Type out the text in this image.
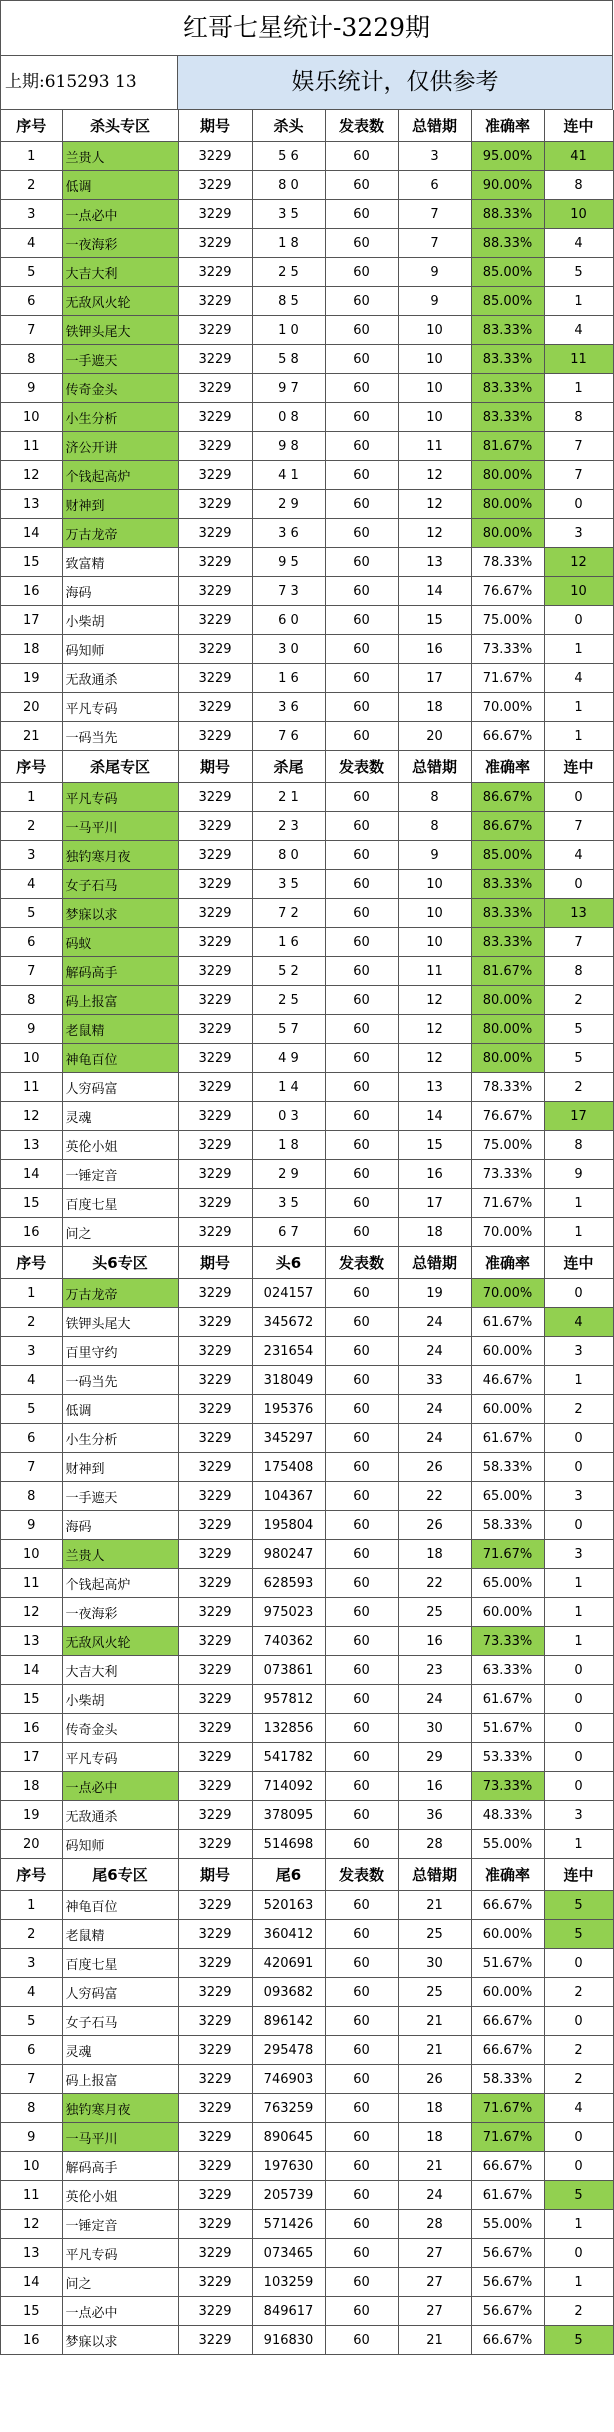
红哥七星统计-3229期
上期:615293 13	娱乐统计，仅供参考
序号	杀头专区	期号	杀头	发表数	总错期	准确率	连中
1	兰贵人	3229	5 6	60	3	95.00%	41
2	低调	3229	8 0	60	6	90.00%	8
3	一点必中	3229	3 5	60	7	88.33%	10
4	一夜海彩	3229	1 8	60	7	88.33%	4
5	大吉大利	3229	2 5	60	9	85.00%	5
6	无敌风火轮	3229	8 5	60	9	85.00%	1
7	铁钾头尾大	3229	1 0	60	10	83.33%	4
8	一手遮天	3229	5 8	60	10	83.33%	11
9	传奇金头	3229	9 7	60	10	83.33%	1
10	小生分析	3229	0 8	60	10	83.33%	8
11	济公开讲	3229	9 8	60	11	81.67%	7
12	个钱起高炉	3229	4 1	60	12	80.00%	7
13	财神到	3229	2 9	60	12	80.00%	0
14	万古龙帝	3229	3 6	60	12	80.00%	3
15	致富精	3229	9 5	60	13	78.33%	12
16	海码	3229	7 3	60	14	76.67%	10
17	小柴胡	3229	6 0	60	15	75.00%	0
18	码知师	3229	3 0	60	16	73.33%	1
19	无敌通杀	3229	1 6	60	17	71.67%	4
20	平凡专码	3229	3 6	60	18	70.00%	1
21	一码当先	3229	7 6	60	20	66.67%	1
序号	杀尾专区	期号	杀尾	发表数	总错期	准确率	连中
1	平凡专码	3229	2 1	60	8	86.67%	0
2	一马平川	3229	2 3	60	8	86.67%	7
3	独钓寒月夜	3229	8 0	60	9	85.00%	4
4	女子石马	3229	3 5	60	10	83.33%	0
5	梦寐以求	3229	7 2	60	10	83.33%	13
6	码蚁	3229	1 6	60	10	83.33%	7
7	解码高手	3229	5 2	60	11	81.67%	8
8	码上报富	3229	2 5	60	12	80.00%	2
9	老鼠精	3229	5 7	60	12	80.00%	5
10	神龟百位	3229	4 9	60	12	80.00%	5
11	人穷码富	3229	1 4	60	13	78.33%	2
12	灵魂	3229	0 3	60	14	76.67%	17
13	英伦小姐	3229	1 8	60	15	75.00%	8
14	一锤定音	3229	2 9	60	16	73.33%	9
15	百度七星	3229	3 5	60	17	71.67%	1
16	问之	3229	6 7	60	18	70.00%	1
序号	头6专区	期号	头6	发表数	总错期	准确率	连中
1	万古龙帝	3229	024157	60	19	70.00%	0
2	铁钾头尾大	3229	345672	60	24	61.67%	4
3	百里守约	3229	231654	60	24	60.00%	3
4	一码当先	3229	318049	60	33	46.67%	1
5	低调	3229	195376	60	24	60.00%	2
6	小生分析	3229	345297	60	24	61.67%	0
7	财神到	3229	175408	60	26	58.33%	0
8	一手遮天	3229	104367	60	22	65.00%	3
9	海码	3229	195804	60	26	58.33%	0
10	兰贵人	3229	980247	60	18	71.67%	3
11	个钱起高炉	3229	628593	60	22	65.00%	1
12	一夜海彩	3229	975023	60	25	60.00%	1
13	无敌风火轮	3229	740362	60	16	73.33%	1
14	大吉大利	3229	073861	60	23	63.33%	0
15	小柴胡	3229	957812	60	24	61.67%	0
16	传奇金头	3229	132856	60	30	51.67%	0
17	平凡专码	3229	541782	60	29	53.33%	0
18	一点必中	3229	714092	60	16	73.33%	0
19	无敌通杀	3229	378095	60	36	48.33%	3
20	码知师	3229	514698	60	28	55.00%	1
序号	尾6专区	期号	尾6	发表数	总错期	准确率	连中
1	神龟百位	3229	520163	60	21	66.67%	5
2	老鼠精	3229	360412	60	25	60.00%	5
3	百度七星	3229	420691	60	30	51.67%	0
4	人穷码富	3229	093682	60	25	60.00%	2
5	女子石马	3229	896142	60	21	66.67%	0
6	灵魂	3229	295478	60	21	66.67%	2
7	码上报富	3229	746903	60	26	58.33%	2
8	独钓寒月夜	3229	763259	60	18	71.67%	4
9	一马平川	3229	890645	60	18	71.67%	0
10	解码高手	3229	197630	60	21	66.67%	0
11	英伦小姐	3229	205739	60	24	61.67%	5
12	一锤定音	3229	571426	60	28	55.00%	1
13	平凡专码	3229	073465	60	27	56.67%	0
14	问之	3229	103259	60	27	56.67%	1
15	一点必中	3229	849617	60	27	56.67%	2
16	梦寐以求	3229	916830	60	21	66.67%	5
